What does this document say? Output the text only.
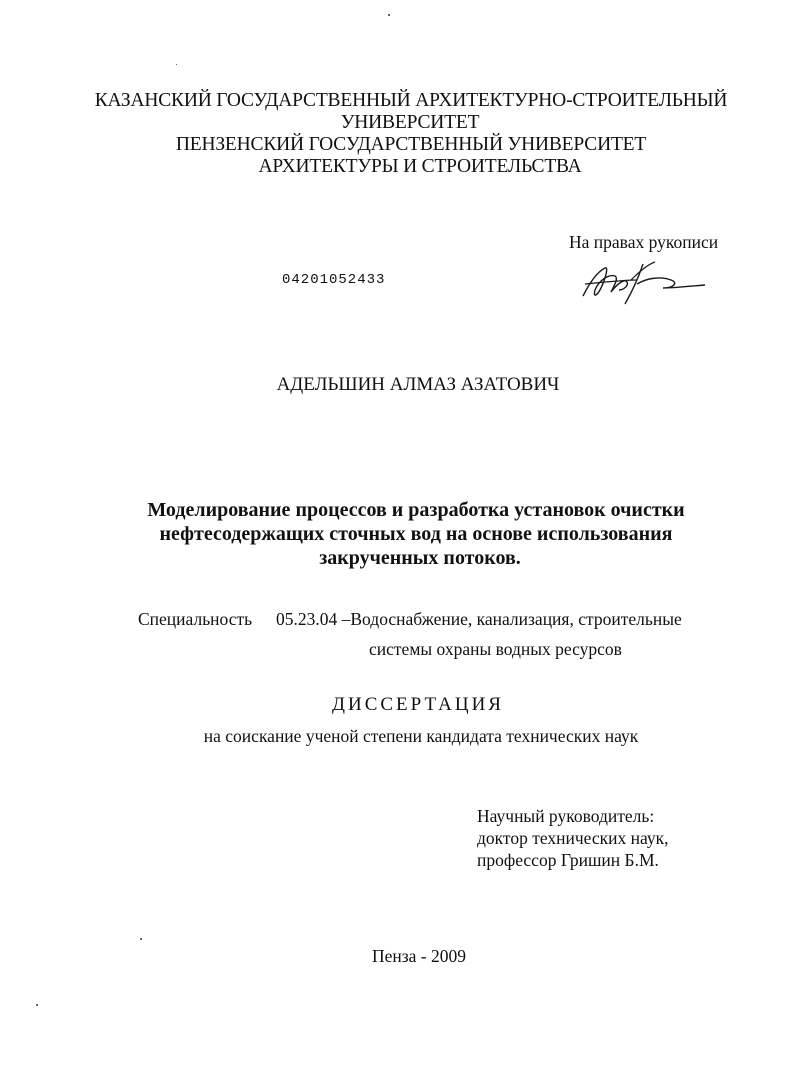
КАЗАНСКИЙ ГОСУДАРСТВЕННЫЙ АРХИТЕКТУРНО-СТРОИТЕЛЬНЫЙ
УНИВЕРСИТЕТ
ПЕНЗЕНСКИЙ ГОСУДАРСТВЕННЫЙ УНИВЕРСИТЕТ
АРХИТЕКТУРЫ И СТРОИТЕЛЬСТВА
На правах рукописи
04201052433
АДЕЛЬШИН АЛМАЗ АЗАТОВИЧ
Моделирование процессов и разработка установок очистки
нефтесодержащих сточных вод на основе использования
закрученных потоков.
Специальность 05.23.04 –Водоснабжение, канализация, строительные
системы охраны водных ресурсов
ДИССЕРТАЦИЯ
на соискание ученой степени кандидата технических наук
Научный руководитель:
доктор технических наук,
профессор Гришин Б.М.
Пенза - 2009
